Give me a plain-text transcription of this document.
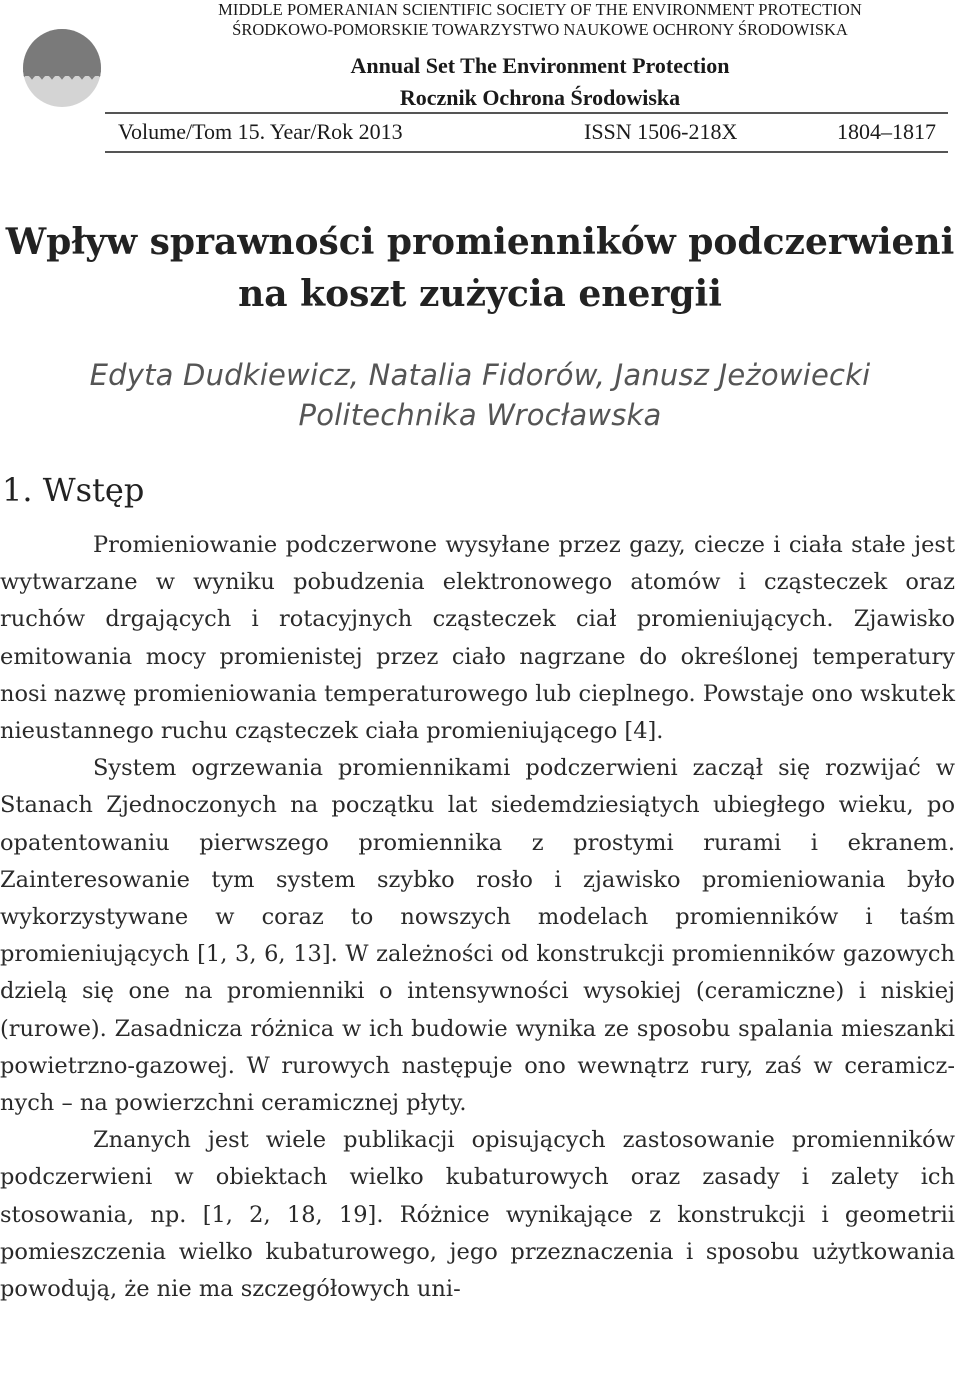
MIDDLE POMERANIAN SCIENTIFIC SOCIETY OF THE ENVIRONMENT PROTECTION
ŚRODKOWO-POMORSKIE TOWARZYSTWO NAUKOWE OCHRONY ŚRODOWISKA
Annual Set The Environment Protection
Rocznik Ochrona Środowiska
Volume/Tom 15. Year/Rok 2013	ISSN 1506-218X	1804–1817
Wpływ sprawności promienników podczerwieni
na koszt zużycia energii
Edyta Dudkiewicz, Natalia Fidorów, Janusz Jeżowiecki
Politechnika Wrocławska
1. Wstęp

Promieniowanie podczerwone wysyłane przez gazy, ciecze i ciała stałe jest wytwarzane w wyniku pobudzenia elektronowego atomów i cząsteczek oraz ruchów drgających i rotacyjnych cząsteczek ciał promieniujących. Zjawisko emitowania mocy promienistej przez ciało nagrzane do określonej temperatury nosi nazwę promieniowania temperaturowego lub cieplnego. Powstaje ono wskutek nieustannego ruchu cząsteczek ciała promieniującego [4].

System ogrzewania promiennikami podczerwieni zaczął się rozwijać w Stanach Zjednoczonych na początku lat siedemdziesiątych ubiegłego wieku, po opatentowaniu pierwszego promiennika z prostymi rurami i ekranem. Zainteresowanie tym system szybko rosło i zjawisko promieniowania było wykorzystywane w coraz to nowszych modelach promienników i taśm promieniujących [1, 3, 6, 13]. W zależności od konstrukcji promienników gazowych dzielą się one na promienniki o intensywności wysokiej (ceramiczne) i niskiej (rurowe). Zasadnicza różnica w ich budowie wynika ze sposobu spalania mieszanki powietrzno-gazowej. W rurowych następuje ono wewnątrz rury, zaś w ceramicznych – na powierzchni ceramicznej płyty.

Znanych jest wiele publikacji opisujących zastosowanie promienników podczerwieni w obiektach wielko kubaturowych oraz zasady i zalety ich stosowania, np. [1, 2, 18, 19]. Różnice wynikające z konstrukcji i geometrii pomieszczenia wielko kubaturowego, jego przeznaczenia i sposobu użytkowania powodują, że nie ma szczegółowych uni-
